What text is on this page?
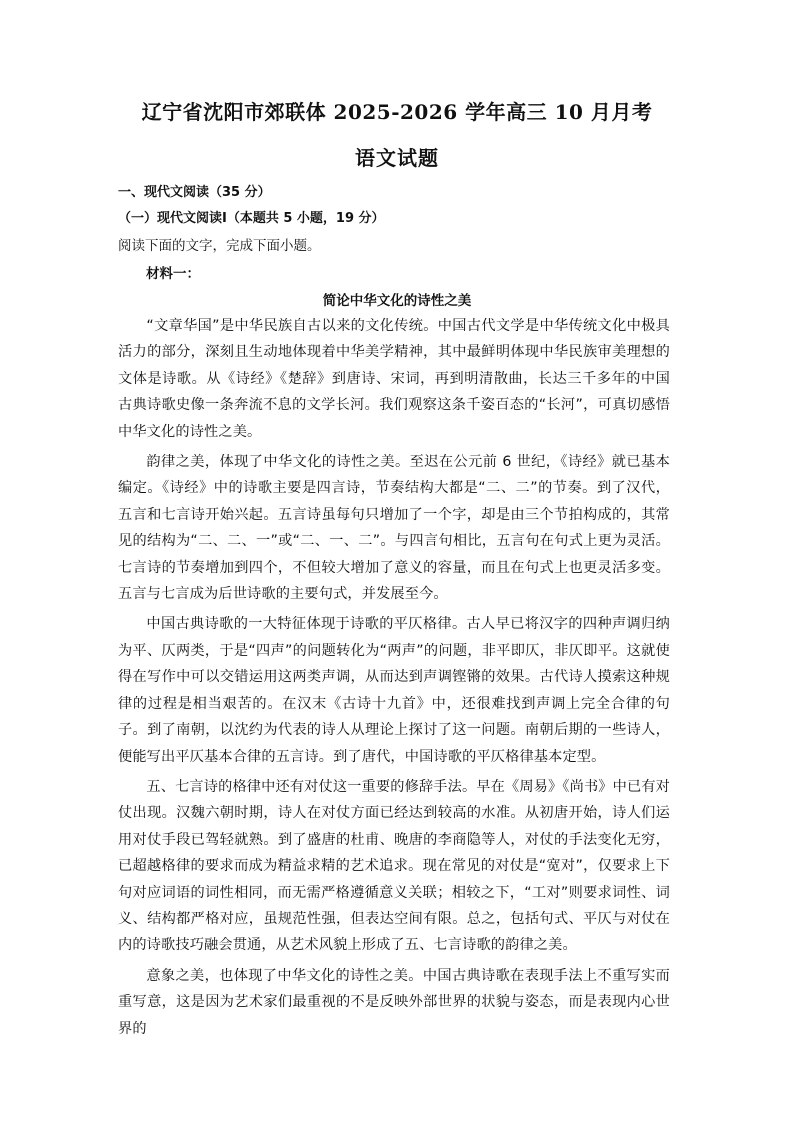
辽宁省沈阳市郊联体 2025-2026 学年高三 10 月月考
语文试题
一、现代文阅读（35 分）
（一）现代文阅读Ⅰ（本题共 5 小题，19 分）
阅读下面的文字，完成下面小题。
材料一：
简论中华文化的诗性之美

“文章华国”是中华民族自古以来的文化传统。中国古代文学是中华传统文化中极具活力的部分，深刻且生动地体现着中华美学精神，其中最鲜明体现中华民族审美理想的文体是诗歌。从《诗经》《楚辞》到唐诗、宋词，再到明清散曲，长达三千多年的中国古典诗歌史像一条奔流不息的文学长河。我们观察这条千姿百态的“长河”，可真切感悟中华文化的诗性之美。

韵律之美，体现了中华文化的诗性之美。至迟在公元前 6 世纪，《诗经》就已基本编定。《诗经》中的诗歌主要是四言诗，节奏结构大都是“二、二”的节奏。到了汉代，五言和七言诗开始兴起。五言诗虽每句只增加了一个字，却是由三个节拍构成的，其常见的结构为“二、二、一”或“二、一、二”。与四言句相比，五言句在句式上更为灵活。七言诗的节奏增加到四个，不但较大增加了意义的容量，而且在句式上也更灵活多变。五言与七言成为后世诗歌的主要句式，并发展至今。

中国古典诗歌的一大特征体现于诗歌的平仄格律。古人早已将汉字的四种声调归纳为平、仄两类，于是“四声”的问题转化为“两声”的问题，非平即仄，非仄即平。这就使得在写作中可以交错运用这两类声调，从而达到声调铿锵的效果。古代诗人摸索这种规律的过程是相当艰苦的。在汉末《古诗十九首》中，还很难找到声调上完全合律的句子。到了南朝，以沈约为代表的诗人从理论上探讨了这一问题。南朝后期的一些诗人，便能写出平仄基本合律的五言诗。到了唐代，中国诗歌的平仄格律基本定型。

五、七言诗的格律中还有对仗这一重要的修辞手法。早在《周易》《尚书》中已有对仗出现。汉魏六朝时期，诗人在对仗方面已经达到较高的水准。从初唐开始，诗人们运用对仗手段已驾轻就熟。到了盛唐的杜甫、晚唐的李商隐等人，对仗的手法变化无穷，已超越格律的要求而成为精益求精的艺术追求。现在常见的对仗是“宽对”，仅要求上下句对应词语的词性相同，而无需严格遵循意义关联；相较之下，“工对”则要求词性、词义、结构都严格对应，虽规范性强，但表达空间有限。总之，包括句式、平仄与对仗在内的诗歌技巧融会贯通，从艺术风貌上形成了五、七言诗歌的韵律之美。

意象之美，也体现了中华文化的诗性之美。中国古典诗歌在表现手法上不重写实而重写意，这是因为艺术家们最重视的不是反映外部世界的状貌与姿态，而是表现内心世界的
